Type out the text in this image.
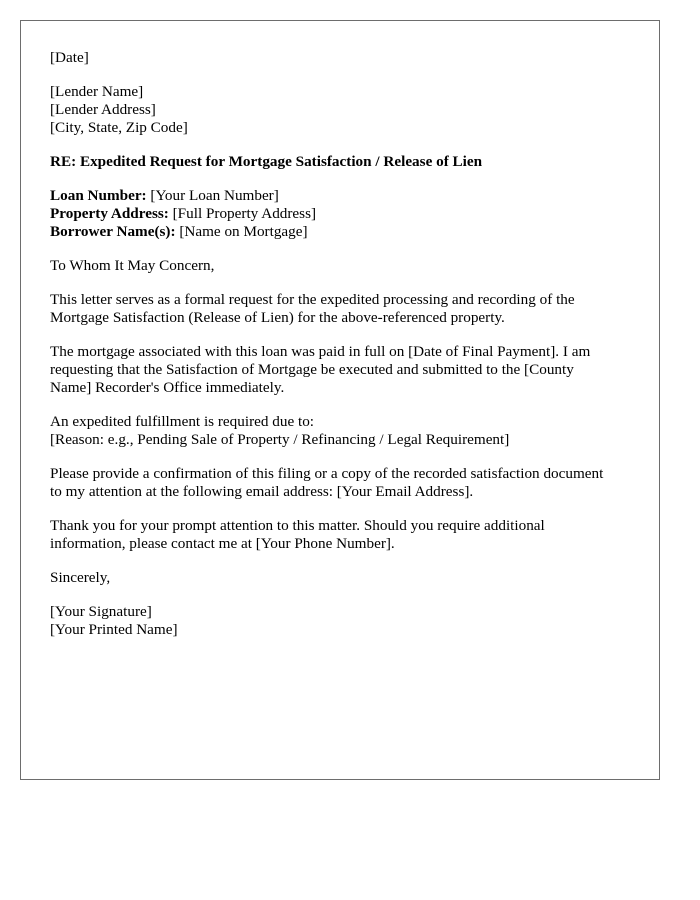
[Date]

[Lender Name]
[Lender Address]
[City, State, Zip Code]

RE: Expedited Request for Mortgage Satisfaction / Release of Lien

Loan Number: [Your Loan Number]
Property Address: [Full Property Address]
Borrower Name(s): [Name on Mortgage]

To Whom It May Concern,

This letter serves as a formal request for the expedited processing and recording of the
Mortgage Satisfaction (Release of Lien) for the above-referenced property.

The mortgage associated with this loan was paid in full on [Date of Final Payment]. I am
requesting that the Satisfaction of Mortgage be executed and submitted to the [County
Name] Recorder's Office immediately.

An expedited fulfillment is required due to:
[Reason: e.g., Pending Sale of Property / Refinancing / Legal Requirement]

Please provide a confirmation of this filing or a copy of the recorded satisfaction document
to my attention at the following email address: [Your Email Address].

Thank you for your prompt attention to this matter. Should you require additional
information, please contact me at [Your Phone Number].

Sincerely,

[Your Signature]
[Your Printed Name]
